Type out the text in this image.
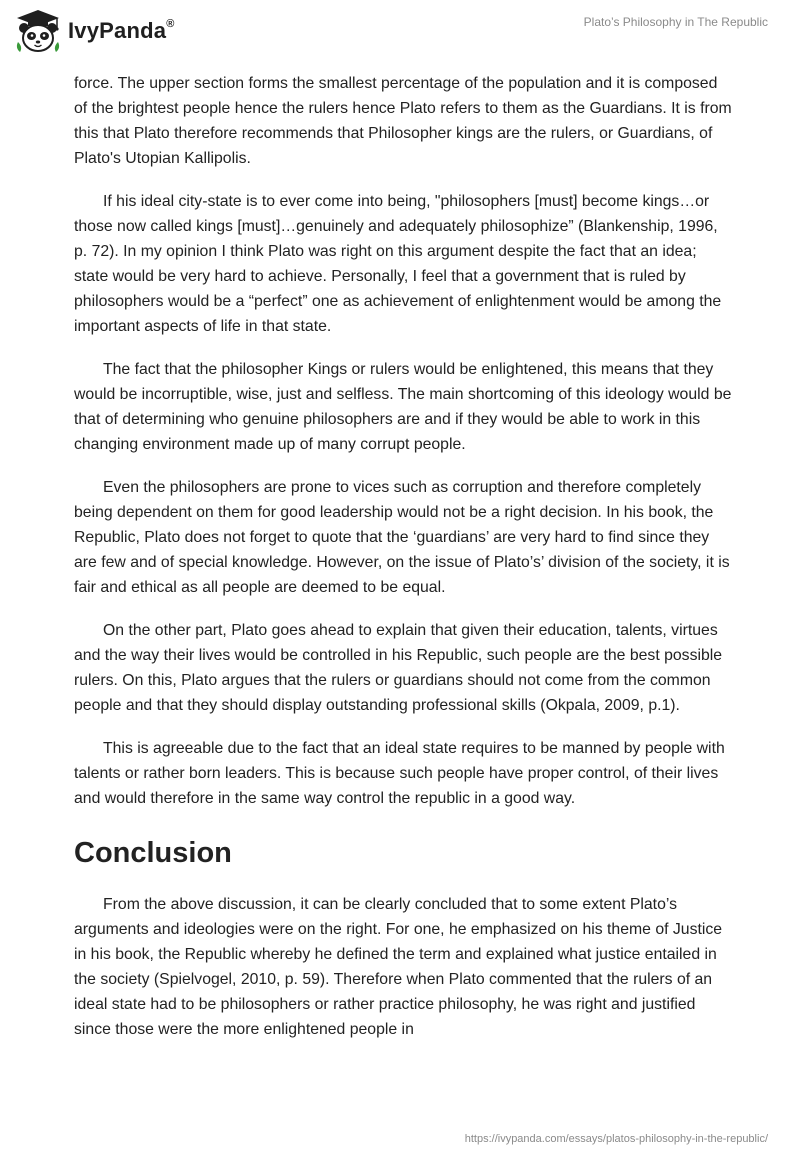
IvyPanda®	Plato’s Philosophy in The Republic

force. The upper section forms the smallest percentage of the population and it is composed of the brightest people hence the rulers hence Plato refers to them as the Guardians. It is from this that Plato therefore recommends that Philosopher kings are the rulers, or Guardians, of Plato's Utopian Kallipolis.

If his ideal city-state is to ever come into being, "philosophers [must] become kings…or those now called kings [must]…genuinely and adequately philosophize” (Blankenship, 1996, p. 72). In my opinion I think Plato was right on this argument despite the fact that an idea; state would be very hard to achieve. Personally, I feel that a government that is ruled by philosophers would be a “perfect” one as achievement of enlightenment would be among the important aspects of life in that state.

The fact that the philosopher Kings or rulers would be enlightened, this means that they would be incorruptible, wise, just and selfless. The main shortcoming of this ideology would be that of determining who genuine philosophers are and if they would be able to work in this changing environment made up of many corrupt people.

Even the philosophers are prone to vices such as corruption and therefore completely being dependent on them for good leadership would not be a right decision. In his book, the Republic, Plato does not forget to quote that the ‘guardians’ are very hard to find since they are few and of special knowledge. However, on the issue of Plato’s’ division of the society, it is fair and ethical as all people are deemed to be equal.

On the other part, Plato goes ahead to explain that given their education, talents, virtues and the way their lives would be controlled in his Republic, such people are the best possible rulers. On this, Plato argues that the rulers or guardians should not come from the common people and that they should display outstanding professional skills (Okpala, 2009, p.1).

This is agreeable due to the fact that an ideal state requires to be manned by people with talents or rather born leaders. This is because such people have proper control, of their lives and would therefore in the same way control the republic in a good way.

Conclusion

From the above discussion, it can be clearly concluded that to some extent Plato’s arguments and ideologies were on the right. For one, he emphasized on his theme of Justice in his book, the Republic whereby he defined the term and explained what justice entailed in the society (Spielvogel, 2010, p. 59). Therefore when Plato commented that the rulers of an ideal state had to be philosophers or rather practice philosophy, he was right and justified since those were the more enlightened people in

https://ivypanda.com/essays/platos-philosophy-in-the-republic/
